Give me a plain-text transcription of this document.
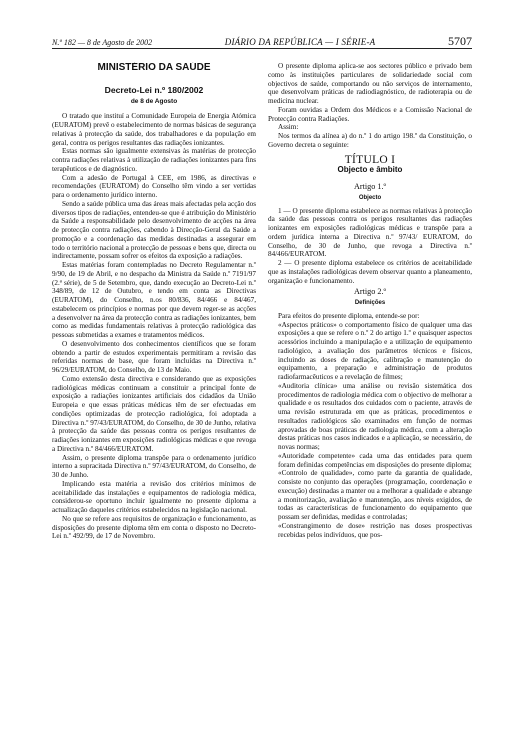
N.º 182 — 8 de Agosto de 2002	DIÁRIO DA REPÚBLICA — I SÉRIE-A	5707
MINISTÉRIO DA SAÚDE
Decreto-Lei n.º 180/2002
de 8 de Agosto

O tratado que instituí a Comunidade Europeia de Energia Atómica (EURATOM) prevê o estabelecimento de normas básicas de segurança relativas à protecção da saúde, dos trabalhadores e da população em geral, contra os perigos resultantes das radiações ionizantes.

Estas normas são igualmente extensivas às matérias de protecção contra radiações relativas à utilização de radiações ionizantes para fins terapêuticos e de diagnóstico.

Com a adesão de Portugal à CEE, em 1986, as directivas e recomendações (EURATOM) do Conselho têm vindo a ser vertidas para o ordenamento jurídico interno.

Sendo a saúde pública uma das áreas mais afectadas pela acção dos diversos tipos de radiações, entendeu-se que é atribuição do Ministério da Saúde a responsabilidade pelo desenvolvimento de acções na área de protecção contra radiações, cabendo à Direcção-Geral da Saúde a promoção e a coordenação das medidas destinadas a assegurar em todo o território nacional a protecção de pessoas e bens que, directa ou indirectamente, possam sofrer os efeitos da exposição a radiações.

Estas matérias foram contempladas no Decreto Regulamentar n.º 9/90, de 19 de Abril, e no despacho da Ministra da Saúde n.º 7191/97 (2.ª série), de 5 de Setembro, que, dando execução ao Decreto-Lei n.º 348/89, de 12 de Outubro, e tendo em conta as Directivas (EURATOM), do Conselho, n.os 80/836, 84/466 e 84/467, estabelecem os princípios e normas por que devem reger-se as acções a desenvolver na área da protecção contra as radiações ionizantes, bem como as medidas fundamentais relativas à protecção radiológica das pessoas submetidas a exames e tratamentos médicos.

O desenvolvimento dos conhecimentos científicos que se foram obtendo a partir de estudos experimentais permitiram a revisão das referidas normas de base, que foram incluídas na Directiva n.º 96/29/EURATOM, do Conselho, de 13 de Maio.

Como extensão desta directiva e considerando que as exposições radiológicas médicas continuam a constituir a principal fonte de exposição a radiações ionizantes artificiais dos cidadãos da União Europeia e que essas práticas médicas têm de ser efectuadas em condições optimizadas de protecção radiológica, foi adoptada a Directiva n.º 97/43/EURATOM, do Conselho, de 30 de Junho, relativa à protecção da saúde das pessoas contra os perigos resultantes de radiações ionizantes em exposições radiológicas médicas e que revoga a Directiva n.º 84/466/EURATOM.

Assim, o presente diploma transpõe para o ordenamento jurídico interno a supracitada Directiva n.º 97/43/EURATOM, do Conselho, de 30 de Junho.

Implicando esta matéria a revisão dos critérios mínimos de aceitabilidade das instalações e equipamentos de radiologia médica, considerou-se oportuno incluir igualmente no presente diploma a actualização daqueles critérios estabelecidos na legislação nacional.

No que se refere aos requisitos de organização e funcionamento, as disposições do presente diploma têm em conta o disposto no Decreto-Lei n.º 492/99, de 17 de Novembro.

O presente diploma aplica-se aos sectores público e privado bem como às instituições particulares de solidariedade social com objectivos de saúde, comportando ou não serviços de internamento, que desenvolvam práticas de radiodiagnóstico, de radioterapia ou de medicina nuclear.

Foram ouvidas a Ordem dos Médicos e a Comissão Nacional de Protecção contra Radiações.

Assim:

Nos termos da alínea a) do n.º 1 do artigo 198.º da Constituição, o Governo decreta o seguinte:

TÍTULO I
Objecto e âmbito
Artigo 1.º
Objecto

1 — O presente diploma estabelece as normas relativas à protecção da saúde das pessoas contra os perigos resultantes das radiações ionizantes em exposições radiológicas médicas e transpõe para a ordem jurídica interna a Directiva n.º 97/43/ EURATOM, do Conselho, de 30 de Junho, que revoga a Directiva n.º 84/466/EURATOM.

2 — O presente diploma estabelece os critérios de aceitabilidade que as instalações radiológicas devem observar quanto a planeamento, organização e funcionamento.

Artigo 2.º
Definições

Para efeitos do presente diploma, entende-se por:

«Aspectos práticos» o comportamento físico de qualquer uma das exposições a que se refere o n.º 2 do artigo 1.º e quaisquer aspectos acessórios incluindo a manipulação e a utilização de equipamento radiológico, a avaliação dos parâmetros técnicos e físicos, incluindo as doses de radiação, calibração e manutenção do equipamento, a preparação e administração de produtos radiofarmacêuticos e a revelação de filmes;

«Auditoria clínica» uma análise ou revisão sistemática dos procedimentos de radiologia médica com o objectivo de melhorar a qualidade e os resultados dos cuidados com o paciente, através de uma revisão estruturada em que as práticas, procedimentos e resultados radiológicos são examinados em função de normas aprovadas de boas práticas de radiologia médica, com a alteração destas práticas nos casos indicados e a aplicação, se necessário, de novas normas;

«Autoridade competente» cada uma das entidades para quem foram definidas competências em disposições do presente diploma;

«Controlo de qualidade», como parte da garantia de qualidade, consiste no conjunto das operações (programação, coordenação e execução) destinadas a manter ou a melhorar a qualidade e abrange a monitorização, avaliação e manutenção, aos níveis exigidos, de todas as características de funcionamento do equipamento que possam ser definidas, medidas e controladas;

«Constrangimento de dose» restrição nas doses prospectivas recebidas pelos indivíduos, que pos-
